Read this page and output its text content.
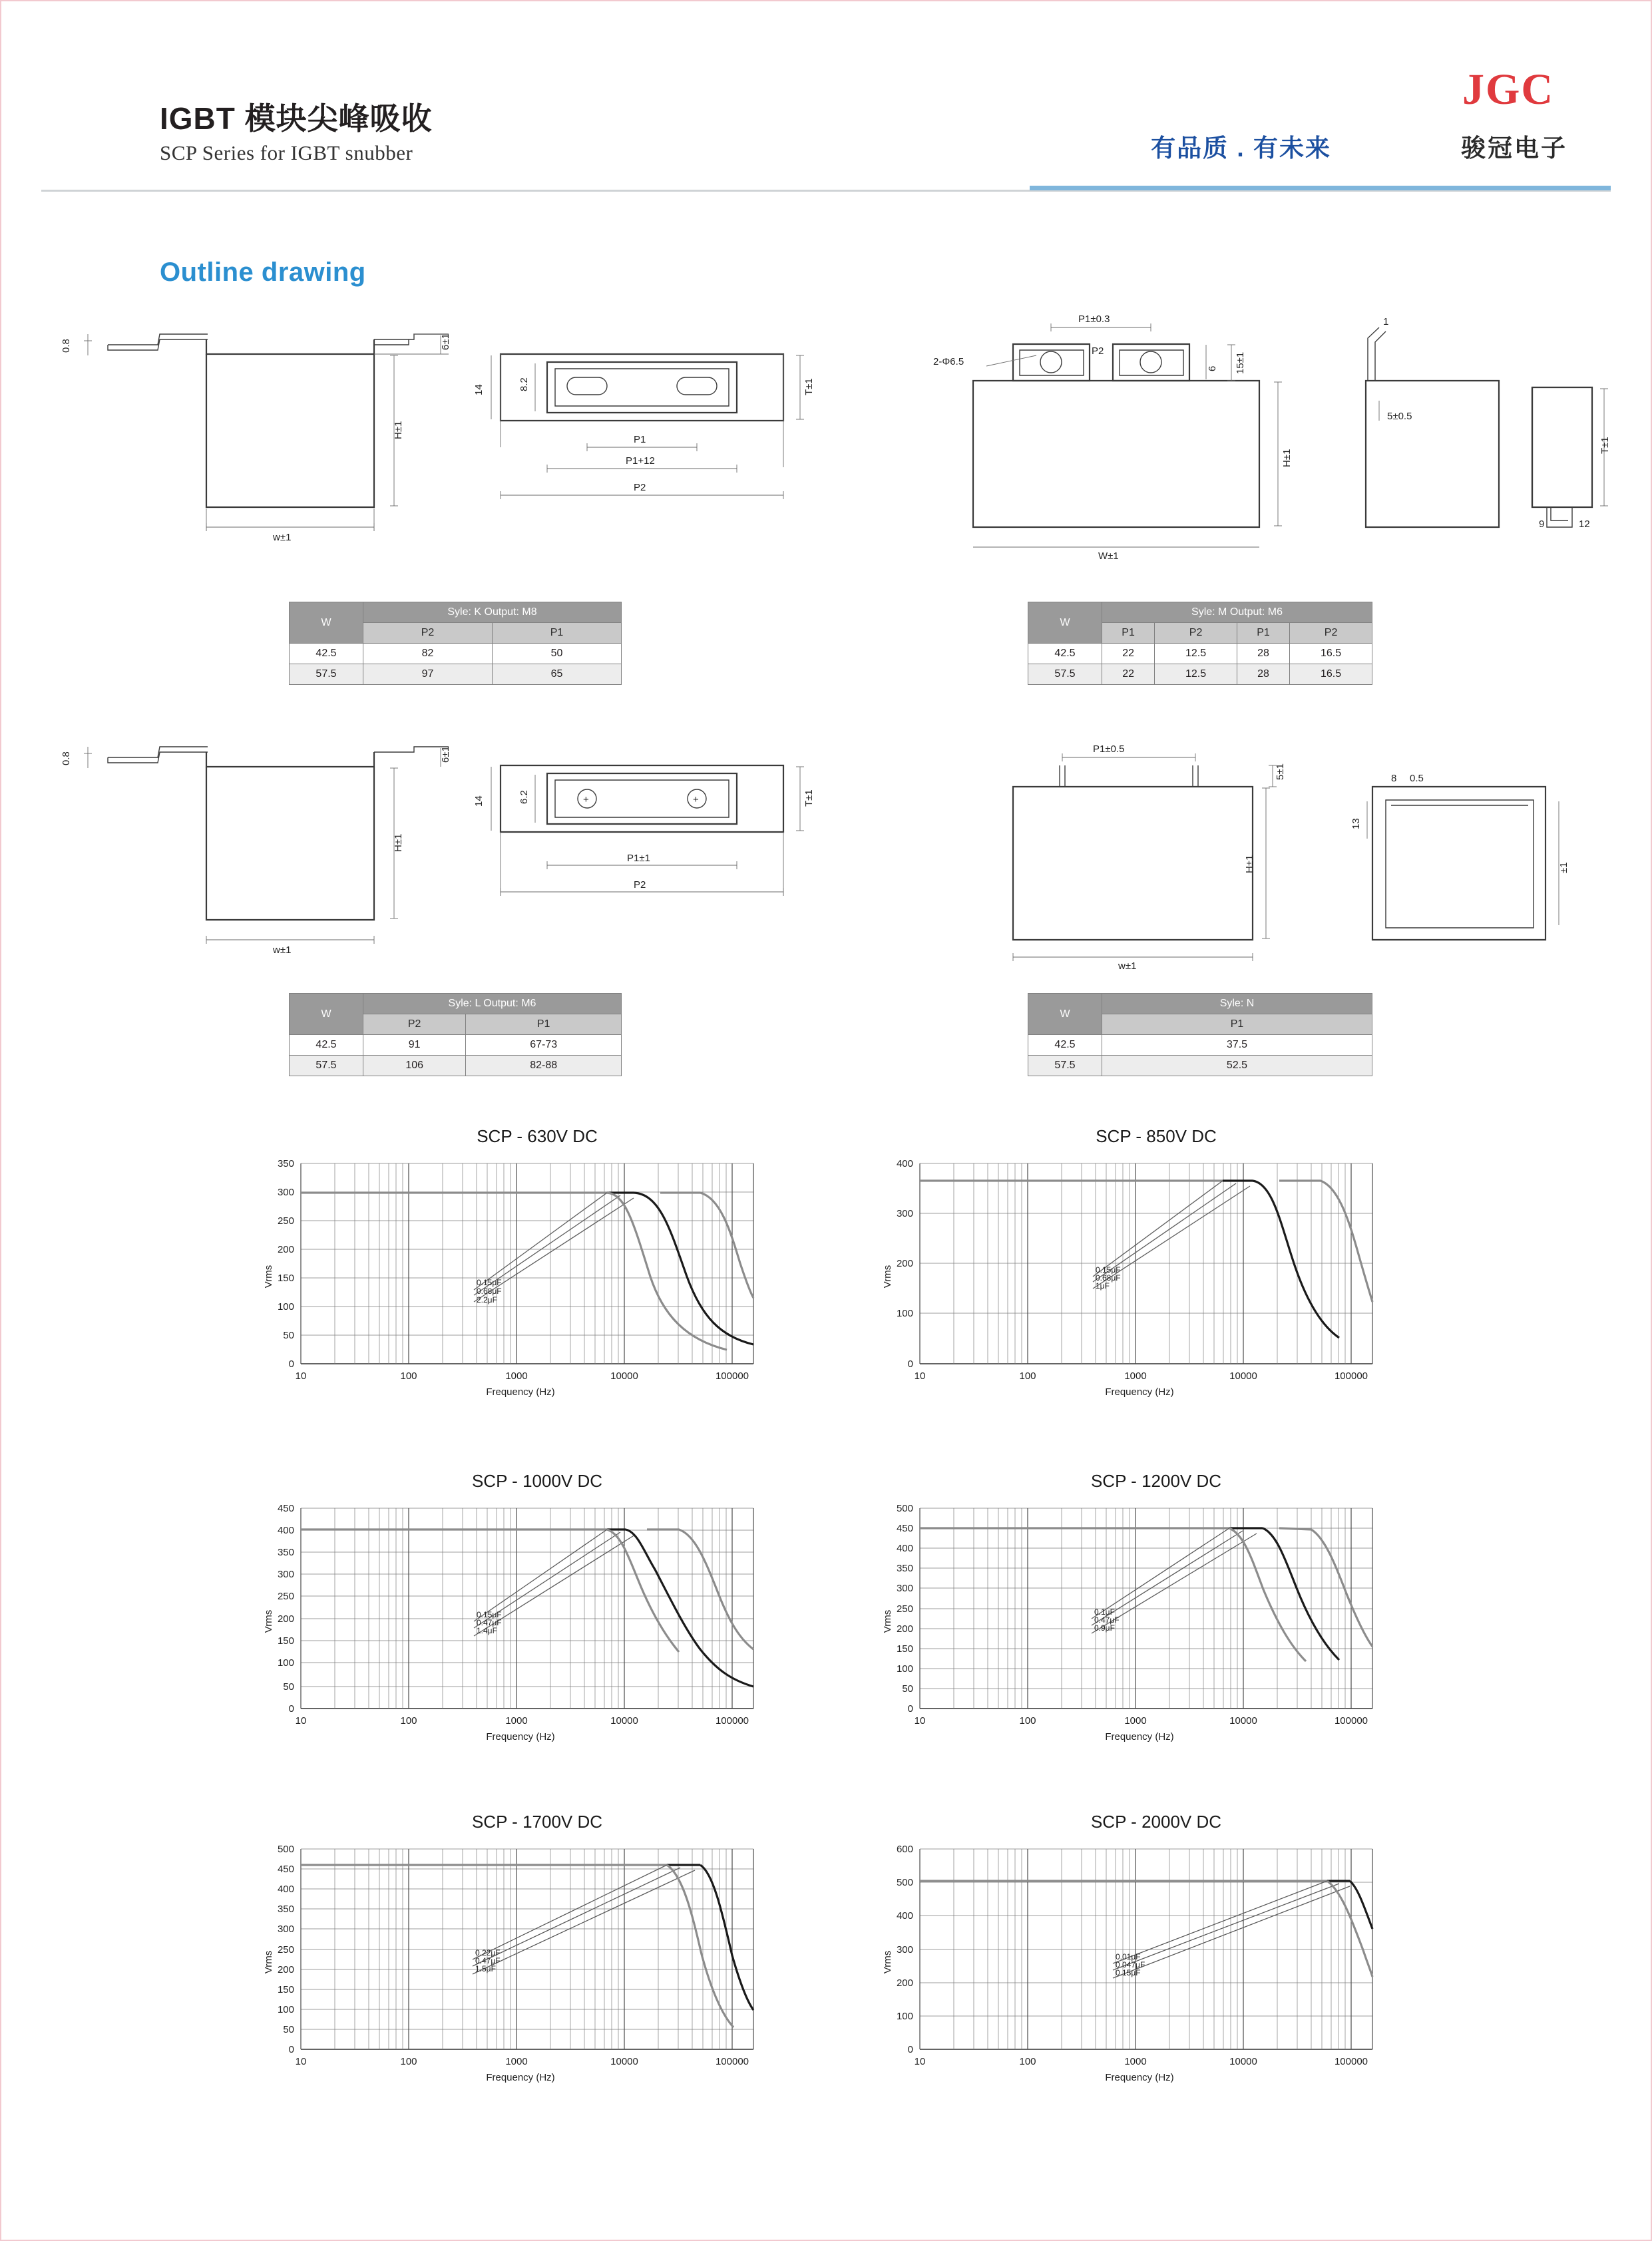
IGBT 模块尖峰吸收
SCP Series for IGBT snubber
JGC
有品质 . 有未来	骏冠电子
Outline drawing
0.8
H±1
6±1
w±1
14	8.2	T±1
P1
P1+12
P2
P1±0.3
P2
6 15±1
2-Φ6.5
H±1
W±1
1
5±0.5
9	12
T±1
W	Syle: K Output: M8	
	P2	P1
42.5	82	50
57.5	97	65
W	Syle: M Output: M6			
	P1	P2	P1	P2
42.5	22	12.5	28	16.5
57.5	22	12.5	28	16.5
0.8
H±1
6±1
w±1
+	+
14	6.2	T±1
P1±1
P2
P1±0.5
5±1
H±1
w±1
8 0.5
13
±1
W	Syle: L Output: M6	
	P2	P1
42.5	91	67-73
57.5	106	82-88
W	Syle: N
	P1
42.5	37.5
57.5	52.5
SCP - 630V DC
350
300
250
200
150
100
50
0
10	100	1000	10000	100000
Frequency (Hz)
Vrms	0.15μF
0.68μF
2.2μF
SCP - 850V DC
400
300
200
100
0
10	100	1000	10000	100000
Frequency (Hz)
Vrms	0.15μF
0.68μF
1μF
SCP - 1000V DC
450
400
350
300
250
200
150
100
50
0
10	100	1000	10000	100000
Frequency (Hz)
Vrms	0.15μF
0.47μF
1.4μF
SCP - 1200V DC
500
450
400
350
300
250
200
150
100
50
0
10	100	1000	10000	100000
Frequency (Hz)
Vrms	0.1μF
0.47μF
0.9μF
SCP - 1700V DC
500
450
400
350
300
250
200
150
100
50
0
10	100	1000	10000	100000
Frequency (Hz)
Vrms	0.22μF
0.47μF
1.5μF
SCP - 2000V DC
600
500
400
300
200
100
0
10	100	1000	10000	100000
Frequency (Hz)
Vrms	0.01μF
0.047μF
0.15μF
